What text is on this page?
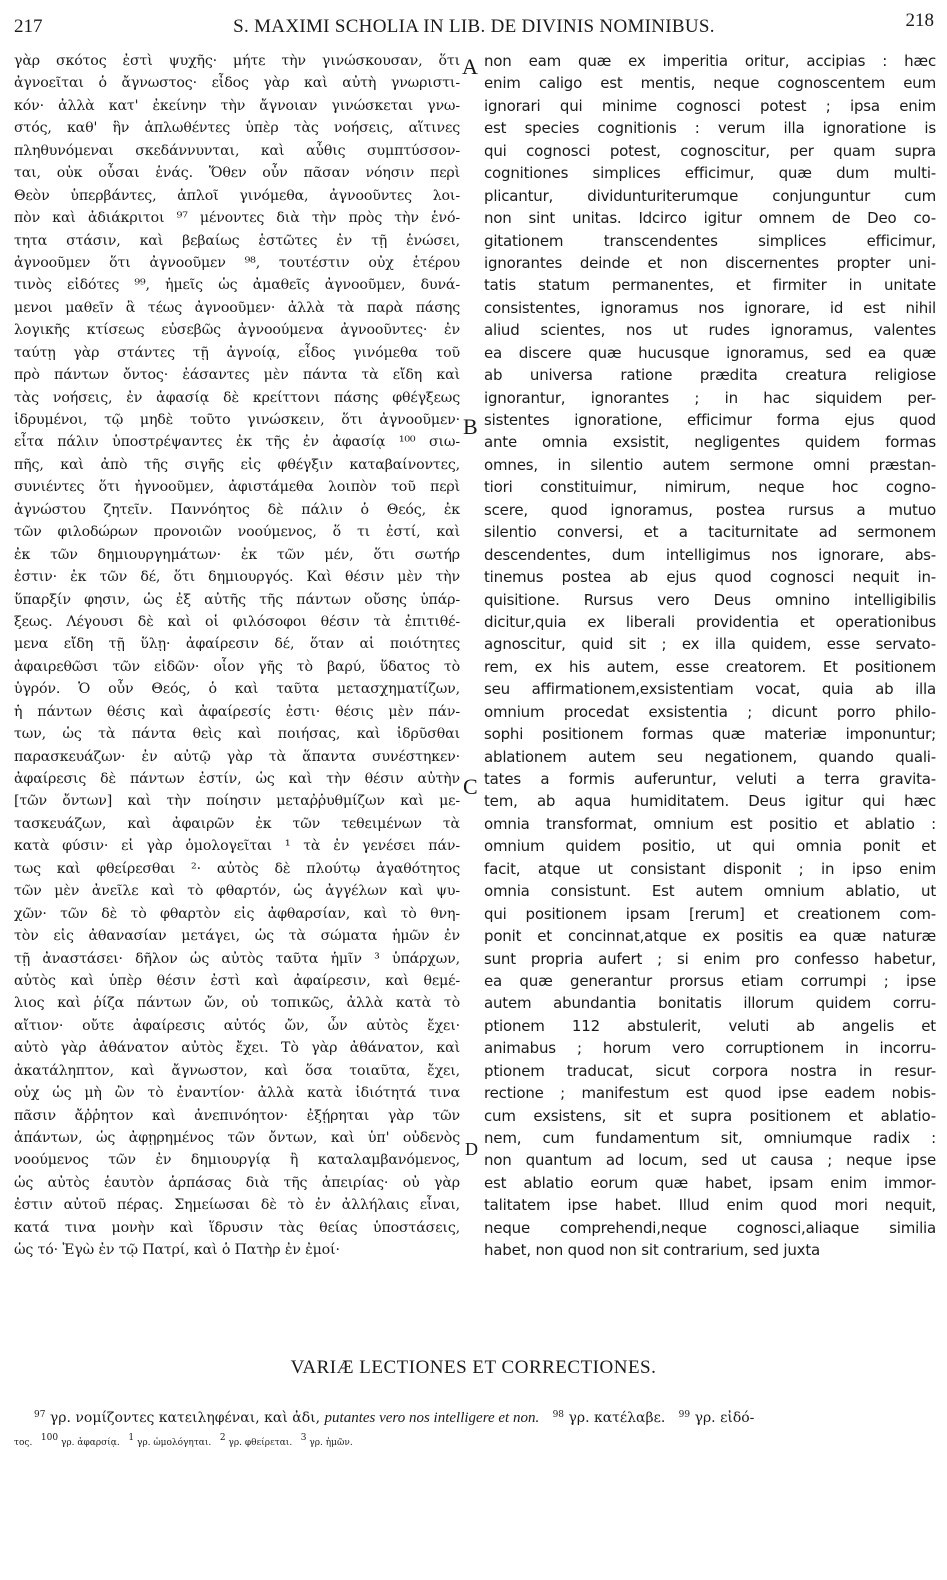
217	S. MAXIMI SCHOLIA IN LIB. DE DIVINIS NOMINIBUS.	218
γὰρ σκότος ἐστὶ ψυχῆς· μήτε τὴν γινώσκουσαν, ὅτι
ἀγνοεῖται ὁ ἄγνωστος· εἶδος γὰρ καὶ αὐτὴ γνωριστι-
κόν· ἀλλὰ κατ' ἐκείνην τὴν ἄγνοιαν γινώσκεται γνω-
στός, καθ' ἣν ἁπλωθέντες ὑπὲρ τὰς νοήσεις, αἵτινες
πληθυνόμεναι σκεδάννυνται, καὶ αὖθις συμπτύσσον-
ται, οὐκ οὖσαι ἑνάς. Ὅθεν οὖν πᾶσαν νόησιν περὶ
Θεὸν ὑπερβάντες, ἁπλοῖ γινόμεθα, ἀγνοοῦντες λοι-
πὸν καὶ ἀδιάκριτοι ⁹⁷ μένοντες διὰ τὴν πρὸς τὴν ἑνό-
τητα στάσιν, καὶ βεβαίως ἑστῶτες ἐν τῇ ἑνώσει,
ἀγνοοῦμεν ὅτι ἀγνοοῦμεν ⁹⁸, τουτέστιν οὐχ ἑτέρου
τινὸς εἰδότες ⁹⁹, ἡμεῖς ὡς ἀμαθεῖς ἀγνοοῦμεν, δυνά-
μενοι μαθεῖν ἃ τέως ἀγνοοῦμεν· ἀλλὰ τὰ παρὰ πάσης
λογικῆς κτίσεως εὐσεβῶς ἀγνοούμενα ἀγνοοῦντες· ἐν
ταύτῃ γὰρ στάντες τῇ ἀγνοίᾳ, εἶδος γινόμεθα τοῦ
πρὸ πάντων ὄντος· ἐάσαντες μὲν πάντα τὰ εἴδη καὶ
τὰς νοήσεις, ἐν ἀφασίᾳ δὲ κρείττονι πάσης φθέγξεως
ἱδρυμένοι, τῷ μηδὲ τοῦτο γινώσκειν, ὅτι ἀγνοοῦμεν·
εἶτα πάλιν ὑποστρέψαντες ἐκ τῆς ἐν ἀφασίᾳ ¹⁰⁰ σιω-
πῆς, καὶ ἀπὸ τῆς σιγῆς εἰς φθέγξιν καταβαίνοντες,
συνιέντες ὅτι ἠγνοοῦμεν, ἀφιστάμεθα λοιπὸν τοῦ περὶ
ἀγνώστου ζητεῖν. Παννόητος δὲ πάλιν ὁ Θεός, ἐκ
τῶν φιλοδώρων προνοιῶν νοούμενος, ὅ τι ἐστί, καὶ
ἐκ τῶν δημιουργημάτων· ἐκ τῶν μέν, ὅτι σωτήρ
ἐστιν· ἐκ τῶν δέ, ὅτι δημιουργός. Καὶ θέσιν μὲν τὴν
ὕπαρξίν φησιν, ὡς ἐξ αὐτῆς τῆς πάντων οὔσης ὑπάρ-
ξεως. Λέγουσι δὲ καὶ οἱ φιλόσοφοι θέσιν τὰ ἐπιτιθέ-
μενα εἴδη τῇ ὕλῃ· ἀφαίρεσιν δέ, ὅταν αἱ ποιότητες
ἀφαιρεθῶσι τῶν εἰδῶν· οἷον γῆς τὸ βαρύ, ὕδατος τὸ
ὑγρόν. Ὁ οὖν Θεός, ὁ καὶ ταῦτα μετασχηματίζων,
ἡ πάντων θέσις καὶ ἀφαίρεσίς ἐστι· θέσις μὲν πάν-
των, ὡς τὰ πάντα θεὶς καὶ ποιήσας, καὶ ἱδρῦσθαι
παρασκευάζων· ἐν αὐτῷ γὰρ τὰ ἅπαντα συνέστηκεν·
ἀφαίρεσις δὲ πάντων ἐστίν, ὡς καὶ τὴν θέσιν αὐτὴν
[τῶν ὄντων] καὶ τὴν ποίησιν μεταῤῥυθμίζων καὶ με-
τασκευάζων, καὶ ἀφαιρῶν ἐκ τῶν τεθειμένων τὰ
κατὰ φύσιν· εἰ γὰρ ὁμολογεῖται ¹ τὰ ἐν γενέσει πάν-
τως καὶ φθείρεσθαι ²· αὐτὸς δὲ πλούτῳ ἀγαθότητος
τῶν μὲν ἀνεῖλε καὶ τὸ φθαρτόν, ὡς ἀγγέλων καὶ ψυ-
χῶν· τῶν δὲ τὸ φθαρτὸν εἰς ἀφθαρσίαν, καὶ τὸ θνη-
τὸν εἰς ἀθανασίαν μετάγει, ὡς τὰ σώματα ἡμῶν ἐν
τῇ ἀναστάσει· δῆλον ὡς αὐτὸς ταῦτα ἡμῖν ³ ὑπάρχων,
αὐτὸς καὶ ὑπὲρ θέσιν ἐστὶ καὶ ἀφαίρεσιν, καὶ θεμέ-
λιος καὶ ῥίζα πάντων ὤν, οὐ τοπικῶς, ἀλλὰ κατὰ τὸ
αἴτιον· οὔτε ἀφαίρεσις αὐτός ὤν, ὧν αὐτὸς ἔχει·
αὐτὸ γὰρ ἀθάνατον αὐτὸς ἔχει. Τὸ γὰρ ἀθάνατον, καὶ
ἀκατάληπτον, καὶ ἄγνωστον, καὶ ὅσα τοιαῦτα, ἔχει,
οὐχ ὡς μὴ ὢν τὸ ἐναντίον· ἀλλὰ κατὰ ἰδιότητά τινα
πᾶσιν ἄῤῥητον καὶ ἀνεπινόητον· ἐξῄρηται γὰρ τῶν
ἁπάντων, ὡς ἀφῃρημένος τῶν ὄντων, καὶ ὑπ' οὐδενὸς
νοούμενος τῶν ἐν δημιουργίᾳ ἢ καταλαμβανόμενος,
ὡς αὐτὸς ἑαυτὸν ἁρπάσας διὰ τῆς ἀπειρίας· οὐ γὰρ
ἐστιν αὐτοῦ πέρας. Σημείωσαι δὲ τὸ ἐν ἀλλήλαις εἶναι,
κατά τινα μονὴν καὶ ἵδρυσιν τὰς θείας ὑποστάσεις,
ὡς τό· Ἐγὼ ἐν τῷ Πατρί, καὶ ὁ Πατὴρ ἐν ἐμοί·
A
B
C
D
non eam quæ ex imperitia oritur, accipias : hæc
enim caligo est mentis, neque cognoscentem eum
ignorari qui minime cognosci potest ; ipsa enim
est species cognitionis : verum illa ignoratione is
qui cognosci potest, cognoscitur, per quam supra
cognitiones simplices efficimur, quæ dum multi-
plicantur, dividunturiterumque conjunguntur cum
non sint unitas. Idcirco igitur omnem de Deo co-
gitationem transcendentes simplices efficimur,
ignorantes deinde et non discernentes propter uni-
tatis statum permanentes, et firmiter in unitate
consistentes, ignoramus nos ignorare, id est nihil
aliud scientes, nos ut rudes ignoramus, valentes
ea discere quæ hucusque ignoramus, sed ea quæ
ab universa ratione prædita creatura religiose
ignorantur, ignorantes ; in hac siquidem per-
sistentes ignoratione, efficimur forma ejus quod
ante omnia exsistit, negligentes quidem formas
omnes, in silentio autem sermone omni præstan-
tiori constituimur, nimirum, neque hoc cogno-
scere, quod ignoramus, postea rursus a mutuo
silentio conversi, et a taciturnitate ad sermonem
descendentes, dum intelligimus nos ignorare, abs-
tinemus postea ab ejus quod cognosci nequit in-
quisitione. Rursus vero Deus omnino intelligibilis
dicitur,quia ex liberali providentia et operationibus
agnoscitur, quid sit ; ex illa quidem, esse servato-
rem, ex his autem, esse creatorem. Et positionem
seu affirmationem,exsistentiam vocat, quia ab illa
omnium procedat exsistentia ; dicunt porro philo-
sophi positionem formas quæ materiæ imponuntur;
ablationem autem seu negationem, quando quali-
tates a formis auferuntur, veluti a terra gravita-
tem, ab aqua humiditatem. Deus igitur qui hæc
omnia transformat, omnium est positio et ablatio :
omnium quidem positio, ut qui omnia ponit et
facit, atque ut consistant disponit ; in ipso enim
omnia consistunt. Est autem omnium ablatio, ut
qui positionem ipsam [rerum] et creationem com-
ponit et concinnat,atque ex positis ea quæ naturæ
sunt propria aufert ; si enim pro confesso habetur,
ea quæ generantur prorsus etiam corrumpi ; ipse
autem abundantia bonitatis illorum quidem corru-
ptionem 112 abstulerit, veluti ab angelis et
animabus ; horum vero corruptionem in incorru-
ptionem traducat, sicut corpora nostra in resur-
rectione ; manifestum est quod ipse eadem nobis-
cum exsistens, sit et supra positionem et ablatio-
nem, cum fundamentum sit, omniumque radix :
non quantum ad locum, sed ut causa ; neque ipse
est ablatio eorum quæ habet, ipsam enim immor-
talitatem ipse habet. Illud enim quod mori nequit,
neque comprehendi,neque cognosci,aliaque similia
habet, non quod non sit contrarium, sed juxta
VARIÆ LECTIONES ET CORRECTIONES.
$^{97}$ γρ. νομίζοντες κατειληφέναι, καὶ ἀδι, putantes vero nos intelligere et non. $^{98}$ γρ. κατέλαβε. $^{99}$ γρ. εἰδό-
τος. $^{100}$ γρ. ἀφαρσίᾳ. $^1$ γρ. ὡμολόγηται. $^2$ γρ. φθείρεται. $^3$ γρ. ἡμῶν.
